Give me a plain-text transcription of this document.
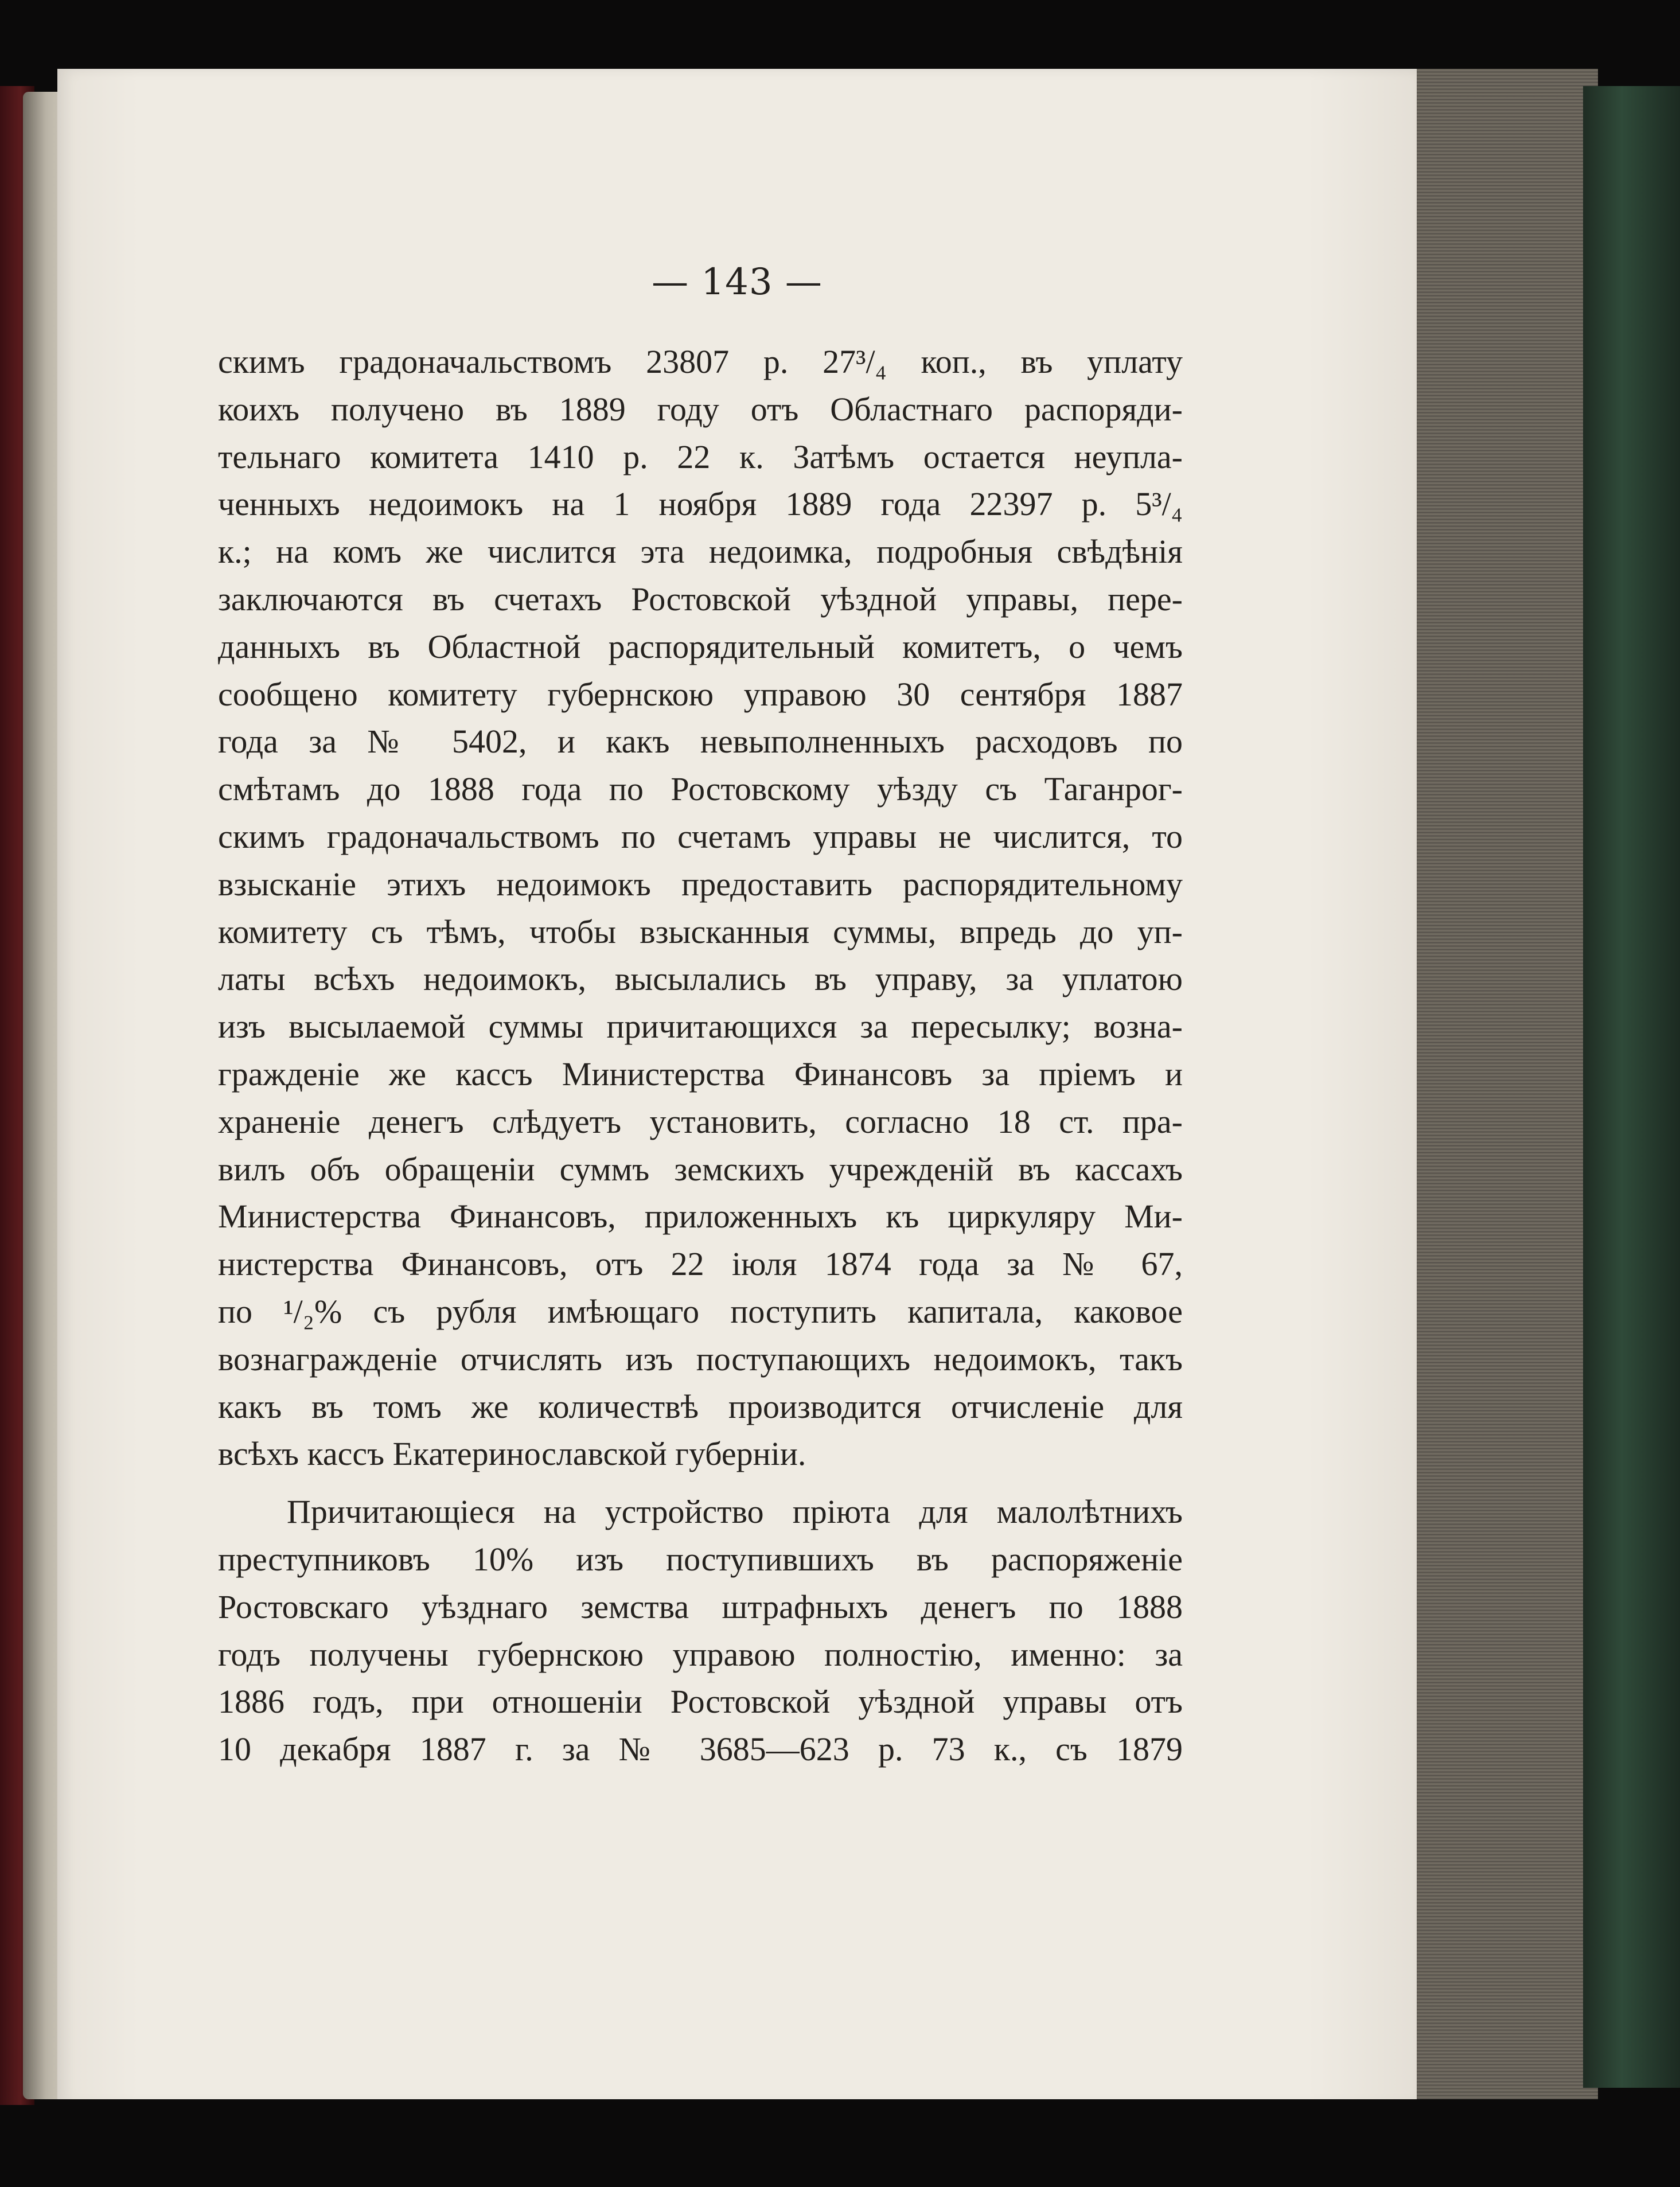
— 143 —
скимъ градоначальствомъ 23807 р. 27³/₄ коп., въ уплату
коихъ получено въ 1889 году отъ Областнаго распоряди-
тельнаго комитета 1410 р. 22 к. Затѣмъ остается неупла-
ченныхъ недоимокъ на 1 ноября 1889 года 22397 р. 5³/₄
к.; на комъ же числится эта недоимка, подробныя свѣдѣнія
заключаются въ счетахъ Ростовской уѣздной управы, пере-
данныхъ въ Областной распорядительный комитетъ, о чемъ
сообщено комитету губернскою управою 30 сентября 1887
года за № 5402, и какъ невыполненныхъ расходовъ по
смѣтамъ до 1888 года по Ростовскому уѣзду съ Таганрог-
скимъ градоначальствомъ по счетамъ управы не числится, то
взысканіе этихъ недоимокъ предоставить распорядительному
комитету съ тѣмъ, чтобы взысканныя суммы, впредь до уп-
латы всѣхъ недоимокъ, высылались въ управу, за уплатою
изъ высылаемой суммы причитающихся за пересылку; возна-
гражденіе же кассъ Министерства Финансовъ за пріемъ и
храненіе денегъ слѣдуетъ установить, согласно 18 ст. пра-
вилъ объ обращеніи суммъ земскихъ учрежденій въ кассахъ
Министерства Финансовъ, приложенныхъ къ циркуляру Ми-
нистерства Финансовъ, отъ 22 іюля 1874 года за № 67,
по ¹/₂% съ рубля имѣющаго поступить капитала, каковое
вознагражденіе отчислять изъ поступающихъ недоимокъ, такъ
какъ въ томъ же количествѣ производится отчисленіе для
всѣхъ кассъ Екатеринославской губерніи.
Причитающіеся на устройство пріюта для малолѣтнихъ
преступниковъ 10% изъ поступившихъ въ распоряженіе
Ростовскаго уѣзднаго земства штрафныхъ денегъ по 1888
годъ получены губернскою управою полностію, именно: за
1886 годъ, при отношеніи Ростовской уѣздной управы отъ
10 декабря 1887 г. за № 3685—623 р. 73 к., съ 1879
